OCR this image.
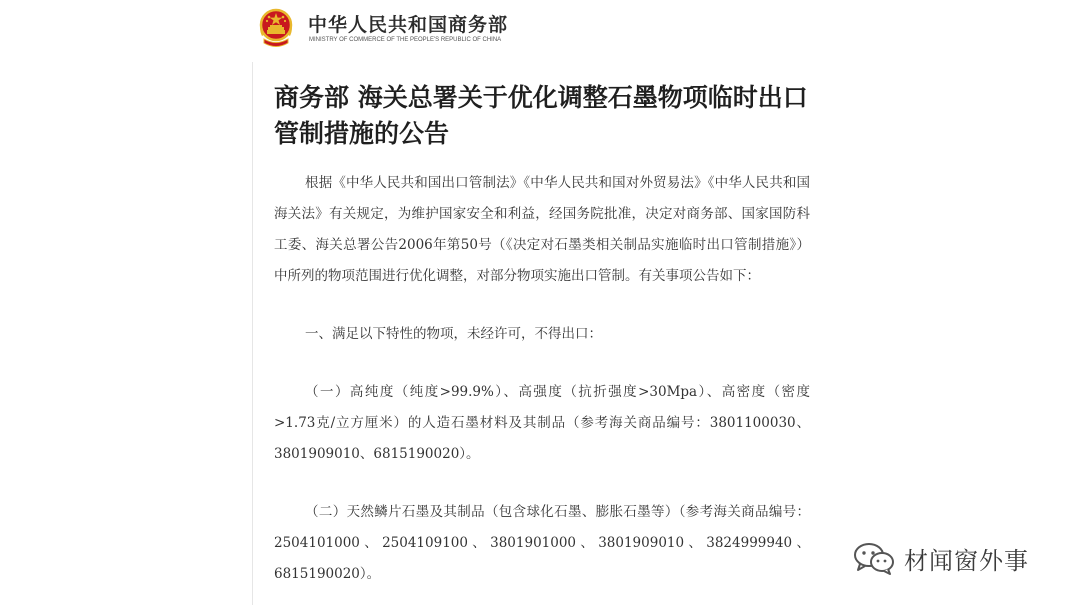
中华人民共和国商务部
MINISTRY OF COMMERCE OF THE PEOPLE'S REPUBLIC OF CHINA
商务部 海关总署关于优化调整石墨物项临时出口管制措施的公告

根据《中华人民共和国出口管制法》《中华人民共和国对外贸易法》《中华人民共和国海关法》有关规定，为维护国家安全和利益，经国务院批准，决定对商务部、国家国防科工委、海关总署公告2006年第50号（《决定对石墨类相关制品实施临时出口管制措施》）中所列的物项范围进行优化调整，对部分物项实施出口管制。有关事项公告如下：

一、满足以下特性的物项，未经许可，不得出口：

（一）高纯度（纯度>99.9%）、高强度（抗折强度>30Mpa）、高密度（密度>1.73克/立方厘米）的人造石墨材料及其制品（参考海关商品编号：3801100030、3801909010、6815190020）。

（二）天然鳞片石墨及其制品（包含球化石墨、膨胀石墨等）（参考海关商品编号：2504101000、2504109100、3801901000、3801909010、3824999940、6815190020）。	材闻窗外事
